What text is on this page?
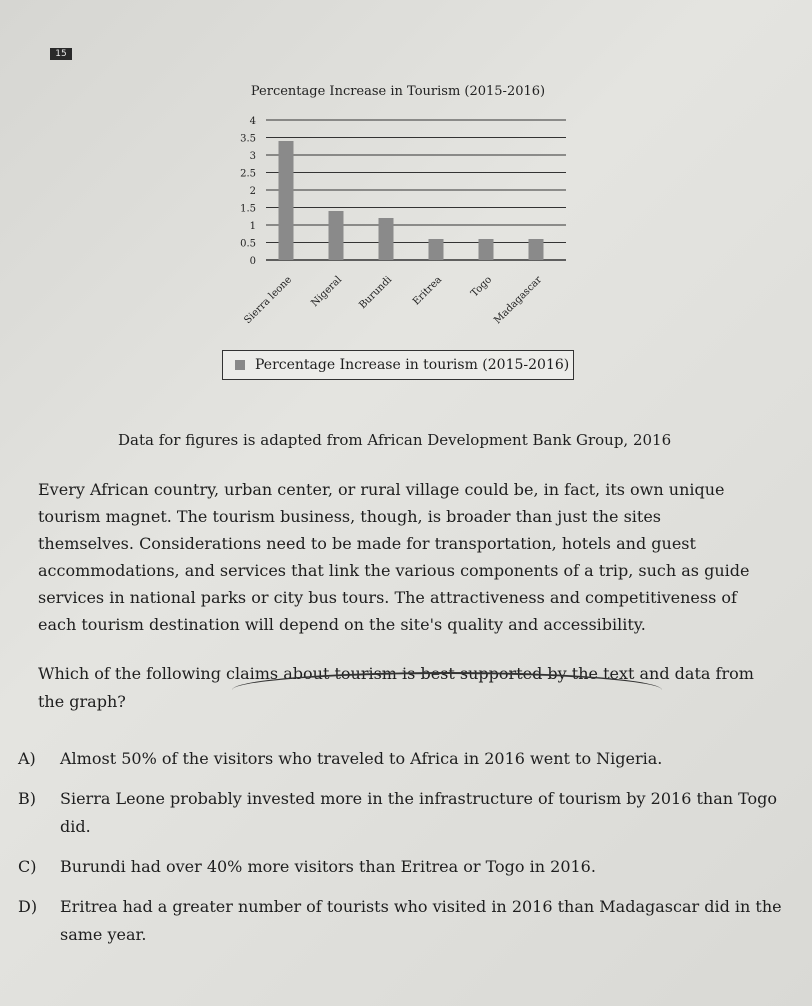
15
Percentage Increase in Tourism (2015-2016)
0
0.5
1
1.5
2
2.5
3
3.5
4
Sierra leone Nigeral Burundi Eritrea	Togo
Madagascar
Percentage Increase in tourism (2015-2016)
Data for figures is adapted from African Development Bank Group, 2016
Every African country, urban center, or rural village could be, in fact, its own unique tourism magnet. The tourism business, though, is broader than just the sites themselves. Considerations need to be made for transportation, hotels and guest accommodations, and services that link the various components of a trip, such as guide services in national parks or city bus tours. The attractiveness and competitiveness of each tourism destination will depend on the site's quality and accessibility.
Which of the following claims about tourism is best supported by the text and data from the graph?
A)	Almost 50% of the visitors who traveled to Africa in 2016 went to Nigeria.
B)	Sierra Leone probably invested more in the infrastructure of tourism by 2016 than Togo did.
C)	Burundi had over 40% more visitors than Eritrea or Togo in 2016.
D)	Eritrea had a greater number of tourists who visited in 2016 than Madagascar did in the same year.
